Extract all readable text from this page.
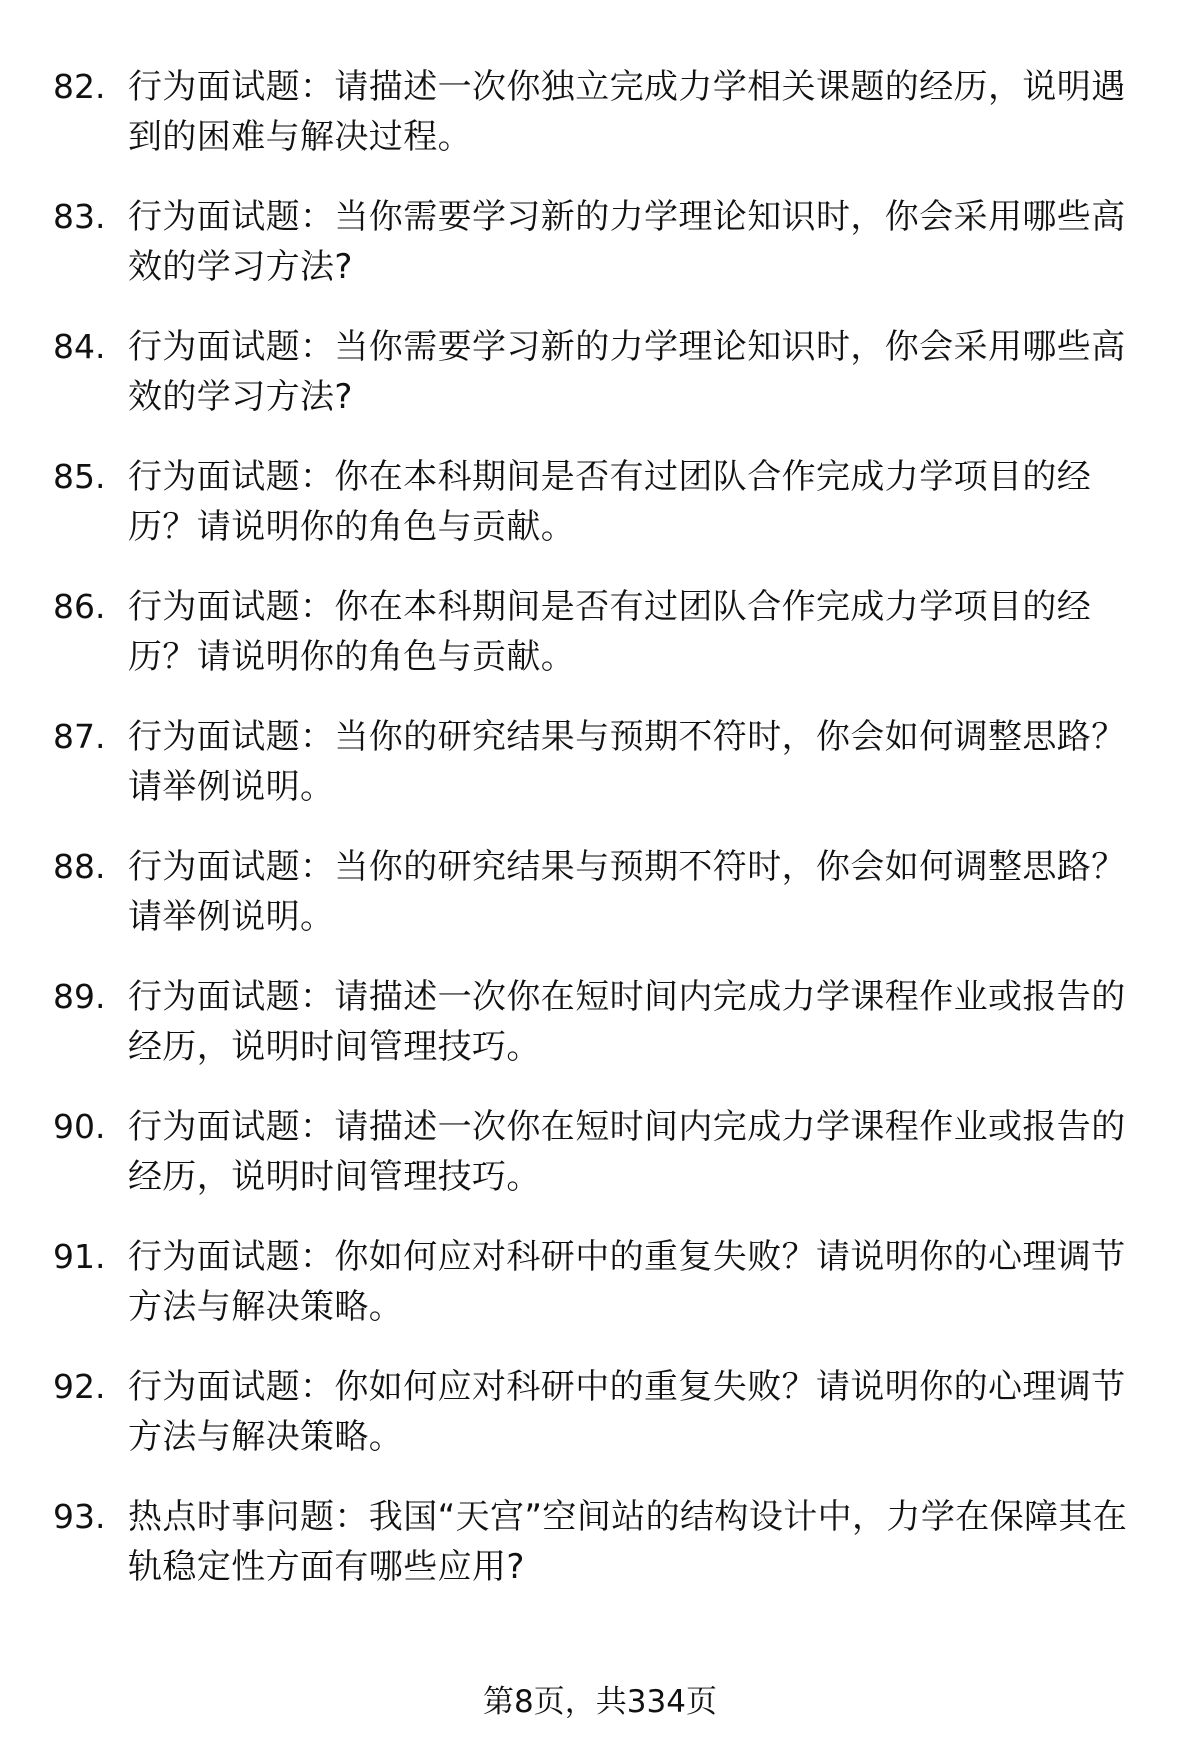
82. 行为面试题：请描述一次你独立完成力学相关课题的经历，说明遇到的困难与解决过程。
83. 行为面试题：当你需要学习新的力学理论知识时，你会采用哪些高效的学习方法?
84. 行为面试题：当你需要学习新的力学理论知识时，你会采用哪些高效的学习方法?
85. 行为面试题：你在本科期间是否有过团队合作完成力学项目的经历？请说明你的角色与贡献。
86. 行为面试题：你在本科期间是否有过团队合作完成力学项目的经历？请说明你的角色与贡献。
87. 行为面试题：当你的研究结果与预期不符时，你会如何调整思路？请举例说明。
88. 行为面试题：当你的研究结果与预期不符时，你会如何调整思路？请举例说明。
89. 行为面试题：请描述一次你在短时间内完成力学课程作业或报告的经历，说明时间管理技巧。
90. 行为面试题：请描述一次你在短时间内完成力学课程作业或报告的经历，说明时间管理技巧。
91. 行为面试题：你如何应对科研中的重复失败？请说明你的心理调节方法与解决策略。
92. 行为面试题：你如何应对科研中的重复失败？请说明你的心理调节方法与解决策略。
93. 热点时事问题：我国“天宫”空间站的结构设计中，力学在保障其在轨稳定性方面有哪些应用?
第8页，共334页
